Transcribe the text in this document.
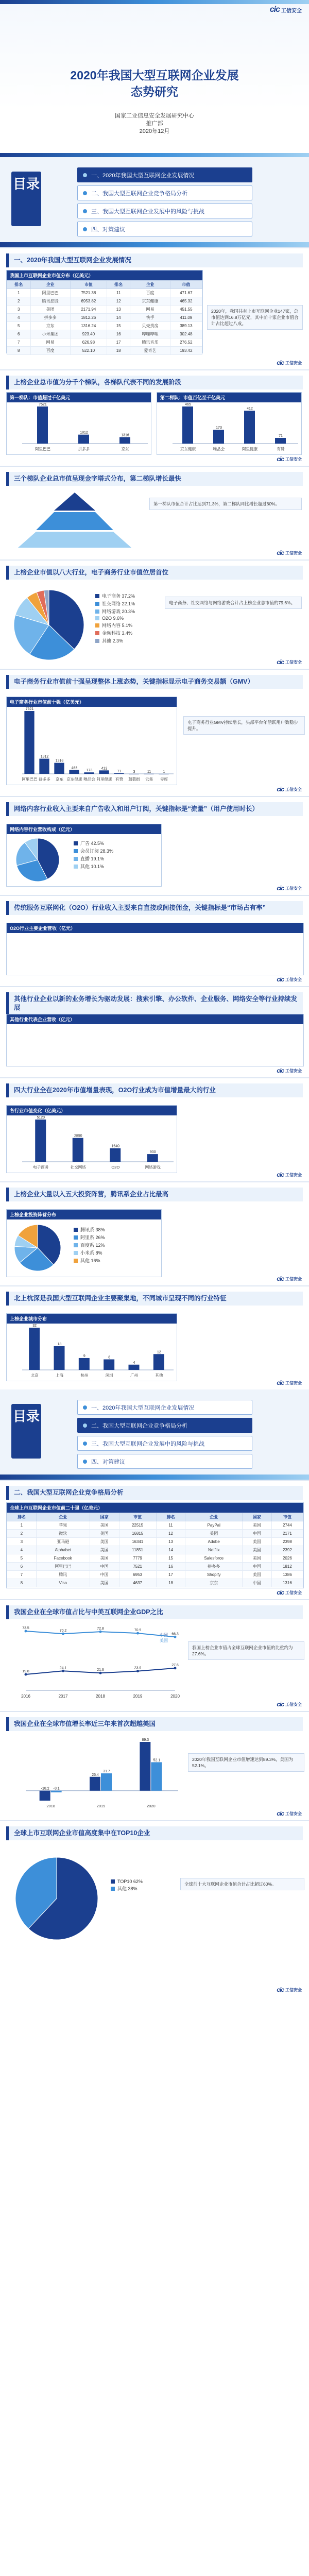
cic 工信安全
2020年我国大型互联网企业发展
态势研究
国家工业信息安全发展研究中心
推广部
2020年12月
目录
一、2020年我国大型互联网企业发展情况
二、我国大型互联网企业竞争格局分析
三、我国大型互联网企业发展中的风险与挑战
四、对策建议
一、2020年我国大型互联网企业发展情况
我国上市互联网企业市值分布（亿美元）
排名	企业	市值	排名	企业	市值
1	阿里巴巴	7521.38	11	百度	471.67
2	腾讯控股	6953.82	12	京东健康	465.32
3	美团	2171.94	13	网易	451.55
4	拼多多	1812.26	14	快手	411.09
5	京东	1316.24	15	贝壳找房	389.13
6	小米集团	923.40	16	哔哩哔哩	302.48
7	网易	626.98	17	腾讯音乐	276.52
8	百度	522.10	18	爱奇艺	193.42
2020年，我国共有上市互联网企业147家，总市值达到16.8万亿元，其中前十家企业市值合计占比超过八成。
cic 工信安全
上榜企业总市值为分千个梯队，各梯队代表不同的发展阶段
第一梯队：市值超过千亿美元
7521
阿里巴巴
1812
拼多多
1316
京东
第二梯队：市值百亿至千亿美元
465
京东健康
173
唯品会
412
阿里健康
71
有赞
cic 工信安全
三个梯队企业总市值呈现金字塔式分布，第二梯队增长最快
第一梯队市值合计占比达到71.3%，第二梯队同比增长超过60%。
cic 工信安全
上榜企业市值以八大行业，电子商务行业市值位居首位
电子商务 37.2%
社交网络 22.1%
网络游戏 20.3%
O2O 9.6%
网络内容 5.1%
金融科技 3.4%
其他 2.3%
电子商务、社交网络与网络游戏合计占上榜企业总市值的79.6%。
cic 工信安全
电子商务行业市值前十强呈现整体上涨态势，关键指标显示电子商务交易额（GMV）
电子商务行业市值前十强（亿美元）
7521
阿里巴巴
1812
拼多多
1316
京东
465
京东健康
173
唯品会
412
阿里健康
71
有赞
3
蘑菇街
11
云集
1
寺库
电子商务行业GMV持续增长，头部平台年活跃用户数稳步提升。
cic 工信安全
网络内容行业收入主要来自广告收入和用户订阅，关键指标是“流量”（用户使用时长）
网络内容行业营收构成（亿元）
广告 42.5%
会员订阅 28.3%
直播 19.1%
其他 10.1%
cic 工信安全
传统服务互联网化（O2O）行业收入主要来自直接或间接佣金，关键指标是“市场占有率”
O2O行业主要企业营收（亿元）
cic 工信安全
其他行业企业以新的业务增长为驱动发展：搜索引擎、办公软件、企业服务、网络安全等行业持续发展
其他行业代表企业营收（亿元）
cic 工信安全
四大行业全在2020年市值增量表现，O2O行业成为市值增量最大的行业
各行业市值变化（亿美元）
5120
电子商务
2890
社交网络
1640
O2O
930
网络游戏
cic 工信安全
上榜企业大量以入五大投资阵营，腾讯系企业占比最高
上榜企业投资阵营分布
腾讯系 38%
阿里系 26%
百度系 12%
小米系 8%
其他 16%
cic 工信安全
北上杭深是我国大型互联网企业主要聚集地，不同城市呈现不同的行业特征
上榜企业城市分布
32
北京
18
上海
9
杭州
8
深圳
4
广州
12
其他
cic 工信安全
目录
一、2020年我国大型互联网企业发展情况
二、我国大型互联网企业竞争格局分析
三、我国大型互联网企业发展中的风险与挑战
四、对策建议
二、我国大型互联网企业竞争格局分析
全球上市互联网企业市值前二十强（亿美元）
排名	企业	国家	市值	排名	企业	国家	市值
1	苹果	美国	22515	11	PayPal	美国	2744
2	微软	美国	16815	12	美团	中国	2171
3	亚马逊	美国	16341	13	Adobe	美国	2398
4	Alphabet	美国	11851	14	Netflix	美国	2392
5	Facebook	美国	7779	15	Salesforce	美国	2026
6	阿里巴巴	中国	7521	16	拼多多	中国	1812
7	腾讯	中国	6953	17	Shopify	美国	1386
8	Visa	美国	4637	18	京东	中国	1316
cic 工信安全
我国企业在全球市值占比与中美互联网企业GDP之比
19.8
24.1
21.6
23.9
27.6
中国
73.5
70.2
72.8	70.9
66.3
美国
2016	2017	2018	2019	2020
我国上榜企业市值占全球互联网企业市值的比重约为27.6%。
cic 工信安全
我国企业在全球市值增长率近三年来首次超越美国
-18.2 -3.1
2018
25.4
31.7
2019
89.3
52.1
2020
2020年我国互联网企业市值增速达到89.3%，美国为52.1%。
cic 工信安全
全球上市互联网企业市值高度集中在TOP10企业
TOP10 62%
其他 38%
全球前十大互联网企业市值合计占比超过60%。
cic 工信安全
